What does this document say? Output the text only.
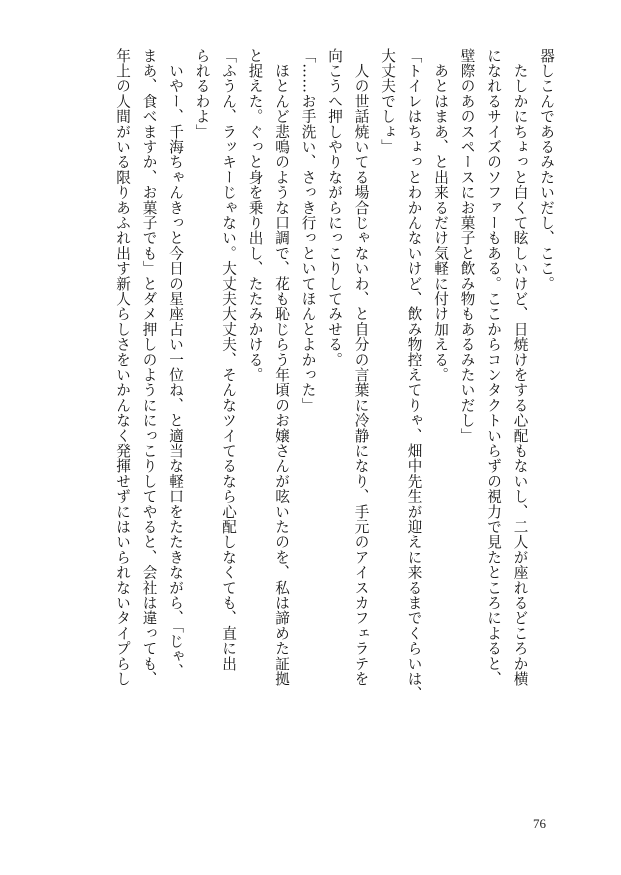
器しこんであるみたいだし、ここ。
　たしかにちょっと白くて眩しいけど、日焼けをする心配もないし、二人が座れるどころか横
になれるサイズのソファーもある。ここからコンタクトいらずの視力で見たところによると、
壁際のあのスペースにお菓子と飲み物もあるみたいだし」
　あとはまあ、と出来るだけ気軽に付け加える。
「トイレはちょっとわかんないけど、飲み物控えてりゃ、畑中先生が迎えに来るまでくらいは、
大丈夫でしょ」
　人の世話焼いてる場合じゃないわ、と自分の言葉に冷静になり、手元のアイスカフェラテを
向こうへ押しやりながらにっこりしてみせる。
「……お手洗い、さっき行っといてほんとよかった」
　ほとんど悲鳴のような口調で、花も恥じらう年頃のお嬢さんが呟いたのを、私は諦めた証拠
と捉えた。ぐっと身を乗り出し、たたみかける。
「ふうん、ラッキーじゃない。大丈夫大丈夫、そんなツイてるなら心配しなくても、直に出
られるわよ」
　いやー、千海ちゃんきっと今日の星座占い一位ね、と適当な軽口をたたきながら、「じゃ、
まあ、食べますか、お菓子でも」とダメ押しのようににっこりしてやると、会社は違っても、
年上の人間がいる限りあふれ出す新人らしさをいかんなく発揮せずにはいられないタイプらし
76
